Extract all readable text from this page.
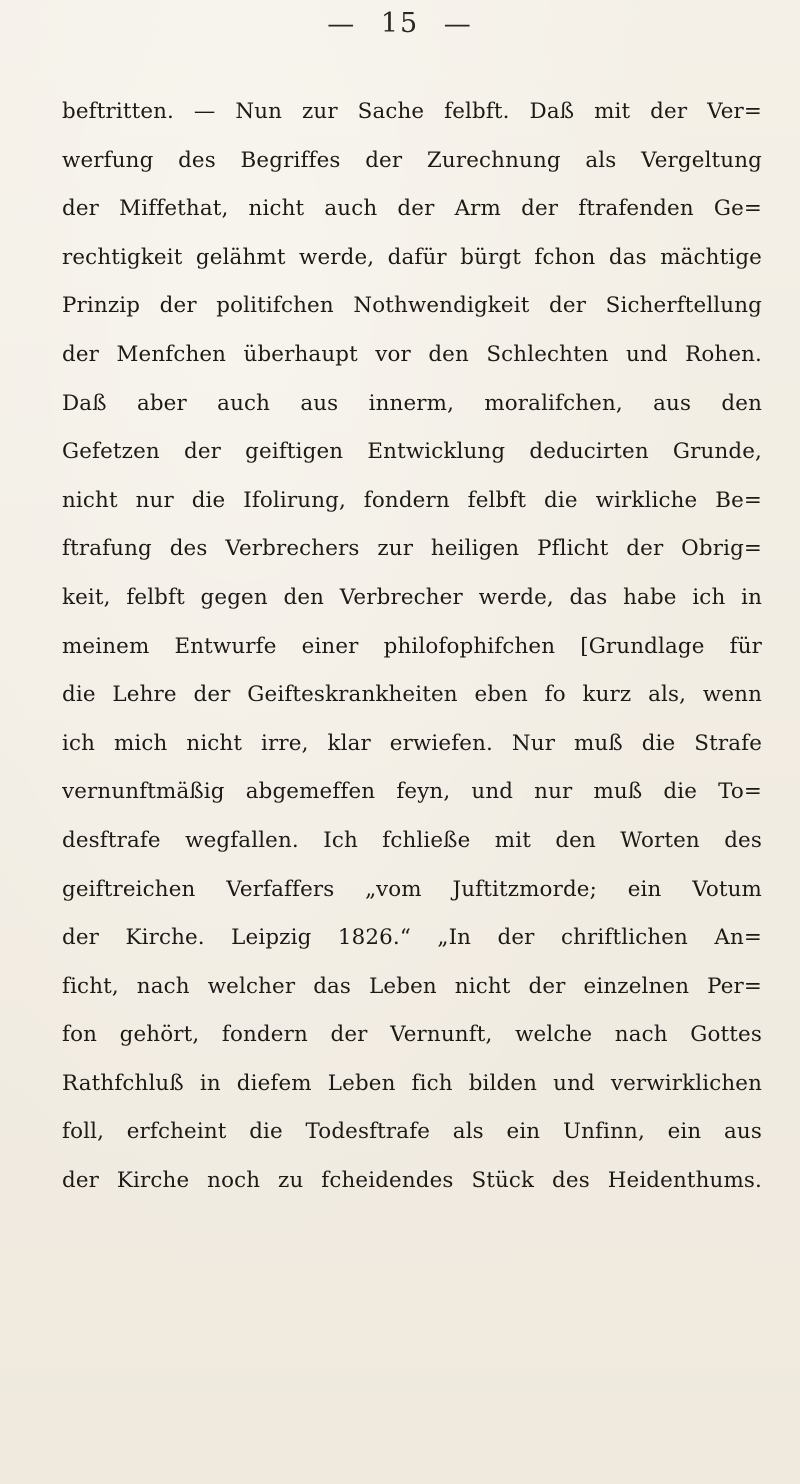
— 15 —
beftritten. — Nun zur Sache felbft. Daß mit der Ver=
werfung des Begriffes der Zurechnung als Vergeltung
der Miffethat, nicht auch der Arm der ftrafenden Ge=
rechtigkeit gelähmt werde, dafür bürgt fchon das mächtige
Prinzip der politifchen Nothwendigkeit der Sicherftellung
der Menfchen überhaupt vor den Schlechten und Rohen.
Daß aber auch aus innerm, moralifchen, aus den
Gefetzen der geiftigen Entwicklung deducirten Grunde,
nicht nur die Ifolirung, fondern felbft die wirkliche Be=
ftrafung des Verbrechers zur heiligen Pflicht der Obrig=
keit, felbft gegen den Verbrecher werde, das habe ich in
meinem Entwurfe einer philofophifchen [Grundlage für
die Lehre der Geifteskrankheiten eben fo kurz als, wenn
ich mich nicht irre, klar erwiefen. Nur muß die Strafe
vernunftmäßig abgemeffen feyn, und nur muß die To=
desftrafe wegfallen. Ich fchließe mit den Worten des
geiftreichen Verfaffers „vom Juftitzmorde; ein Votum
der Kirche. Leipzig 1826.“ „In der chriftlichen An=
ficht, nach welcher das Leben nicht der einzelnen Per=
fon gehört, fondern der Vernunft, welche nach Gottes
Rathfchluß in diefem Leben fich bilden und verwirklichen
foll, erfcheint die Todesftrafe als ein Unfinn, ein aus
der Kirche noch zu fcheidendes Stück des Heidenthums.
